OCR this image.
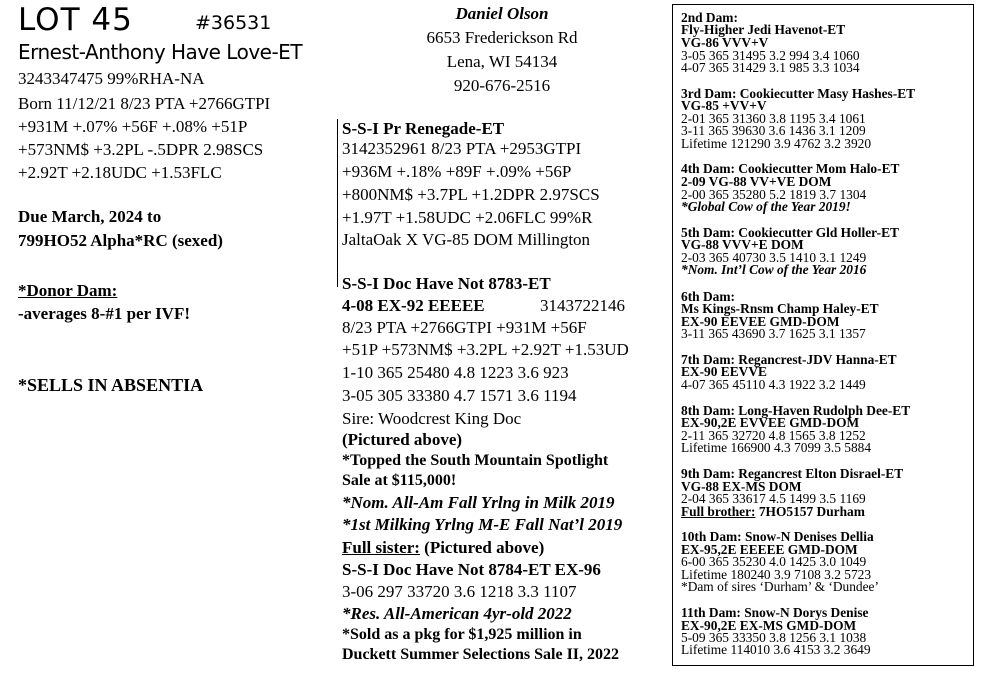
LOT 45	#36531
Ernest-Anthony Have Love-ET
3243347475 99%RHA-NA
Born 11/12/21 8/23 PTA +2766GTPI
+931M +.07% +56F +.08% +51P
+573NM$ +3.2PL -.5DPR 2.98SCS
+2.92T +2.18UDC +1.53FLC
Due March, 2024 to
799HO52 Alpha*RC (sexed)
*Donor Dam:
-averages 8-#1 per IVF!
*SELLS IN ABSENTIA
Daniel Olson
6653 Frederickson Rd
Lena, WI 54134
920-676-2516
S-S-I Pr Renegade-ET
3142352961 8/23 PTA +2953GTPI
+936M +.18% +89F +.09% +56P
+800NM$ +3.7PL +1.2DPR 2.97SCS
+1.97T +1.58UDC +2.06FLC 99%R
JaltaOak X VG-85 DOM Millington
S-S-I Doc Have Not 8783-ET
4-08 EX-92 EEEEE	3143722146
8/23 PTA +2766GTPI +931M +56F
+51P +573NM$ +3.2PL +2.92T +1.53UD
1-10 365 25480 4.8 1223 3.6 923
3-05 305 33380 4.7 1571 3.6 1194
Sire: Woodcrest King Doc
(Pictured above)
*Topped the South Mountain Spotlight
Sale at $115,000!
*Nom. All-Am Fall Yrlng in Milk 2019
*1st Milking Yrlng M-E Fall Nat’l 2019
Full sister: (Pictured above)
S-S-I Doc Have Not 8784-ET EX-96
3-06 297 33720 3.6 1218 3.3 1107
*Res. All-American 4yr-old 2022
*Sold as a pkg for $1,925 million in
Duckett Summer Selections Sale II, 2022
2nd Dam:
Fly-Higher Jedi Havenot-ET
VG-86 VVV+V
3-05 365 31495 3.2 994 3.4 1060
4-07 365 31429 3.1 985 3.3 1034
3rd Dam: Cookiecutter Masy Hashes-ET
VG-85 +VV+V
2-01 365 31360 3.8 1195 3.4 1061
3-11 365 39630 3.6 1436 3.1 1209
Lifetime 121290 3.9 4762 3.2 3920
4th Dam: Cookiecutter Mom Halo-ET
2-09 VG-88 VV+VE DOM
2-00 365 35280 5.2 1819 3.7 1304
*Global Cow of the Year 2019!
5th Dam: Cookiecutter Gld Holler-ET
VG-88 VVV+E DOM
2-03 365 40730 3.5 1410 3.1 1249
*Nom. Int’l Cow of the Year 2016
6th Dam:
Ms Kings-Rnsm Champ Haley-ET
EX-90 EEVEE GMD-DOM
3-11 365 43690 3.7 1625 3.1 1357
7th Dam: Regancrest-JDV Hanna-ET
EX-90 EEVVE
4-07 365 45110 4.3 1922 3.2 1449
8th Dam: Long-Haven Rudolph Dee-ET
EX-90,2E EVVEE GMD-DOM
2-11 365 32720 4.8 1565 3.8 1252
Lifetime 166900 4.3 7099 3.5 5884
9th Dam: Regancrest Elton Disrael-ET
VG-88 EX-MS DOM
2-04 365 33617 4.5 1499 3.5 1169
Full brother: 7HO5157 Durham
10th Dam: Snow-N Denises Dellia
EX-95,2E EEEEE GMD-DOM
6-00 365 35230 4.0 1425 3.0 1049
Lifetime 180240 3.9 7108 3.2 5723
*Dam of sires ‘Durham’ & ‘Dundee’
11th Dam: Snow-N Dorys Denise
EX-90,2E EX-MS GMD-DOM
5-09 365 33350 3.8 1256 3.1 1038
Lifetime 114010 3.6 4153 3.2 3649
